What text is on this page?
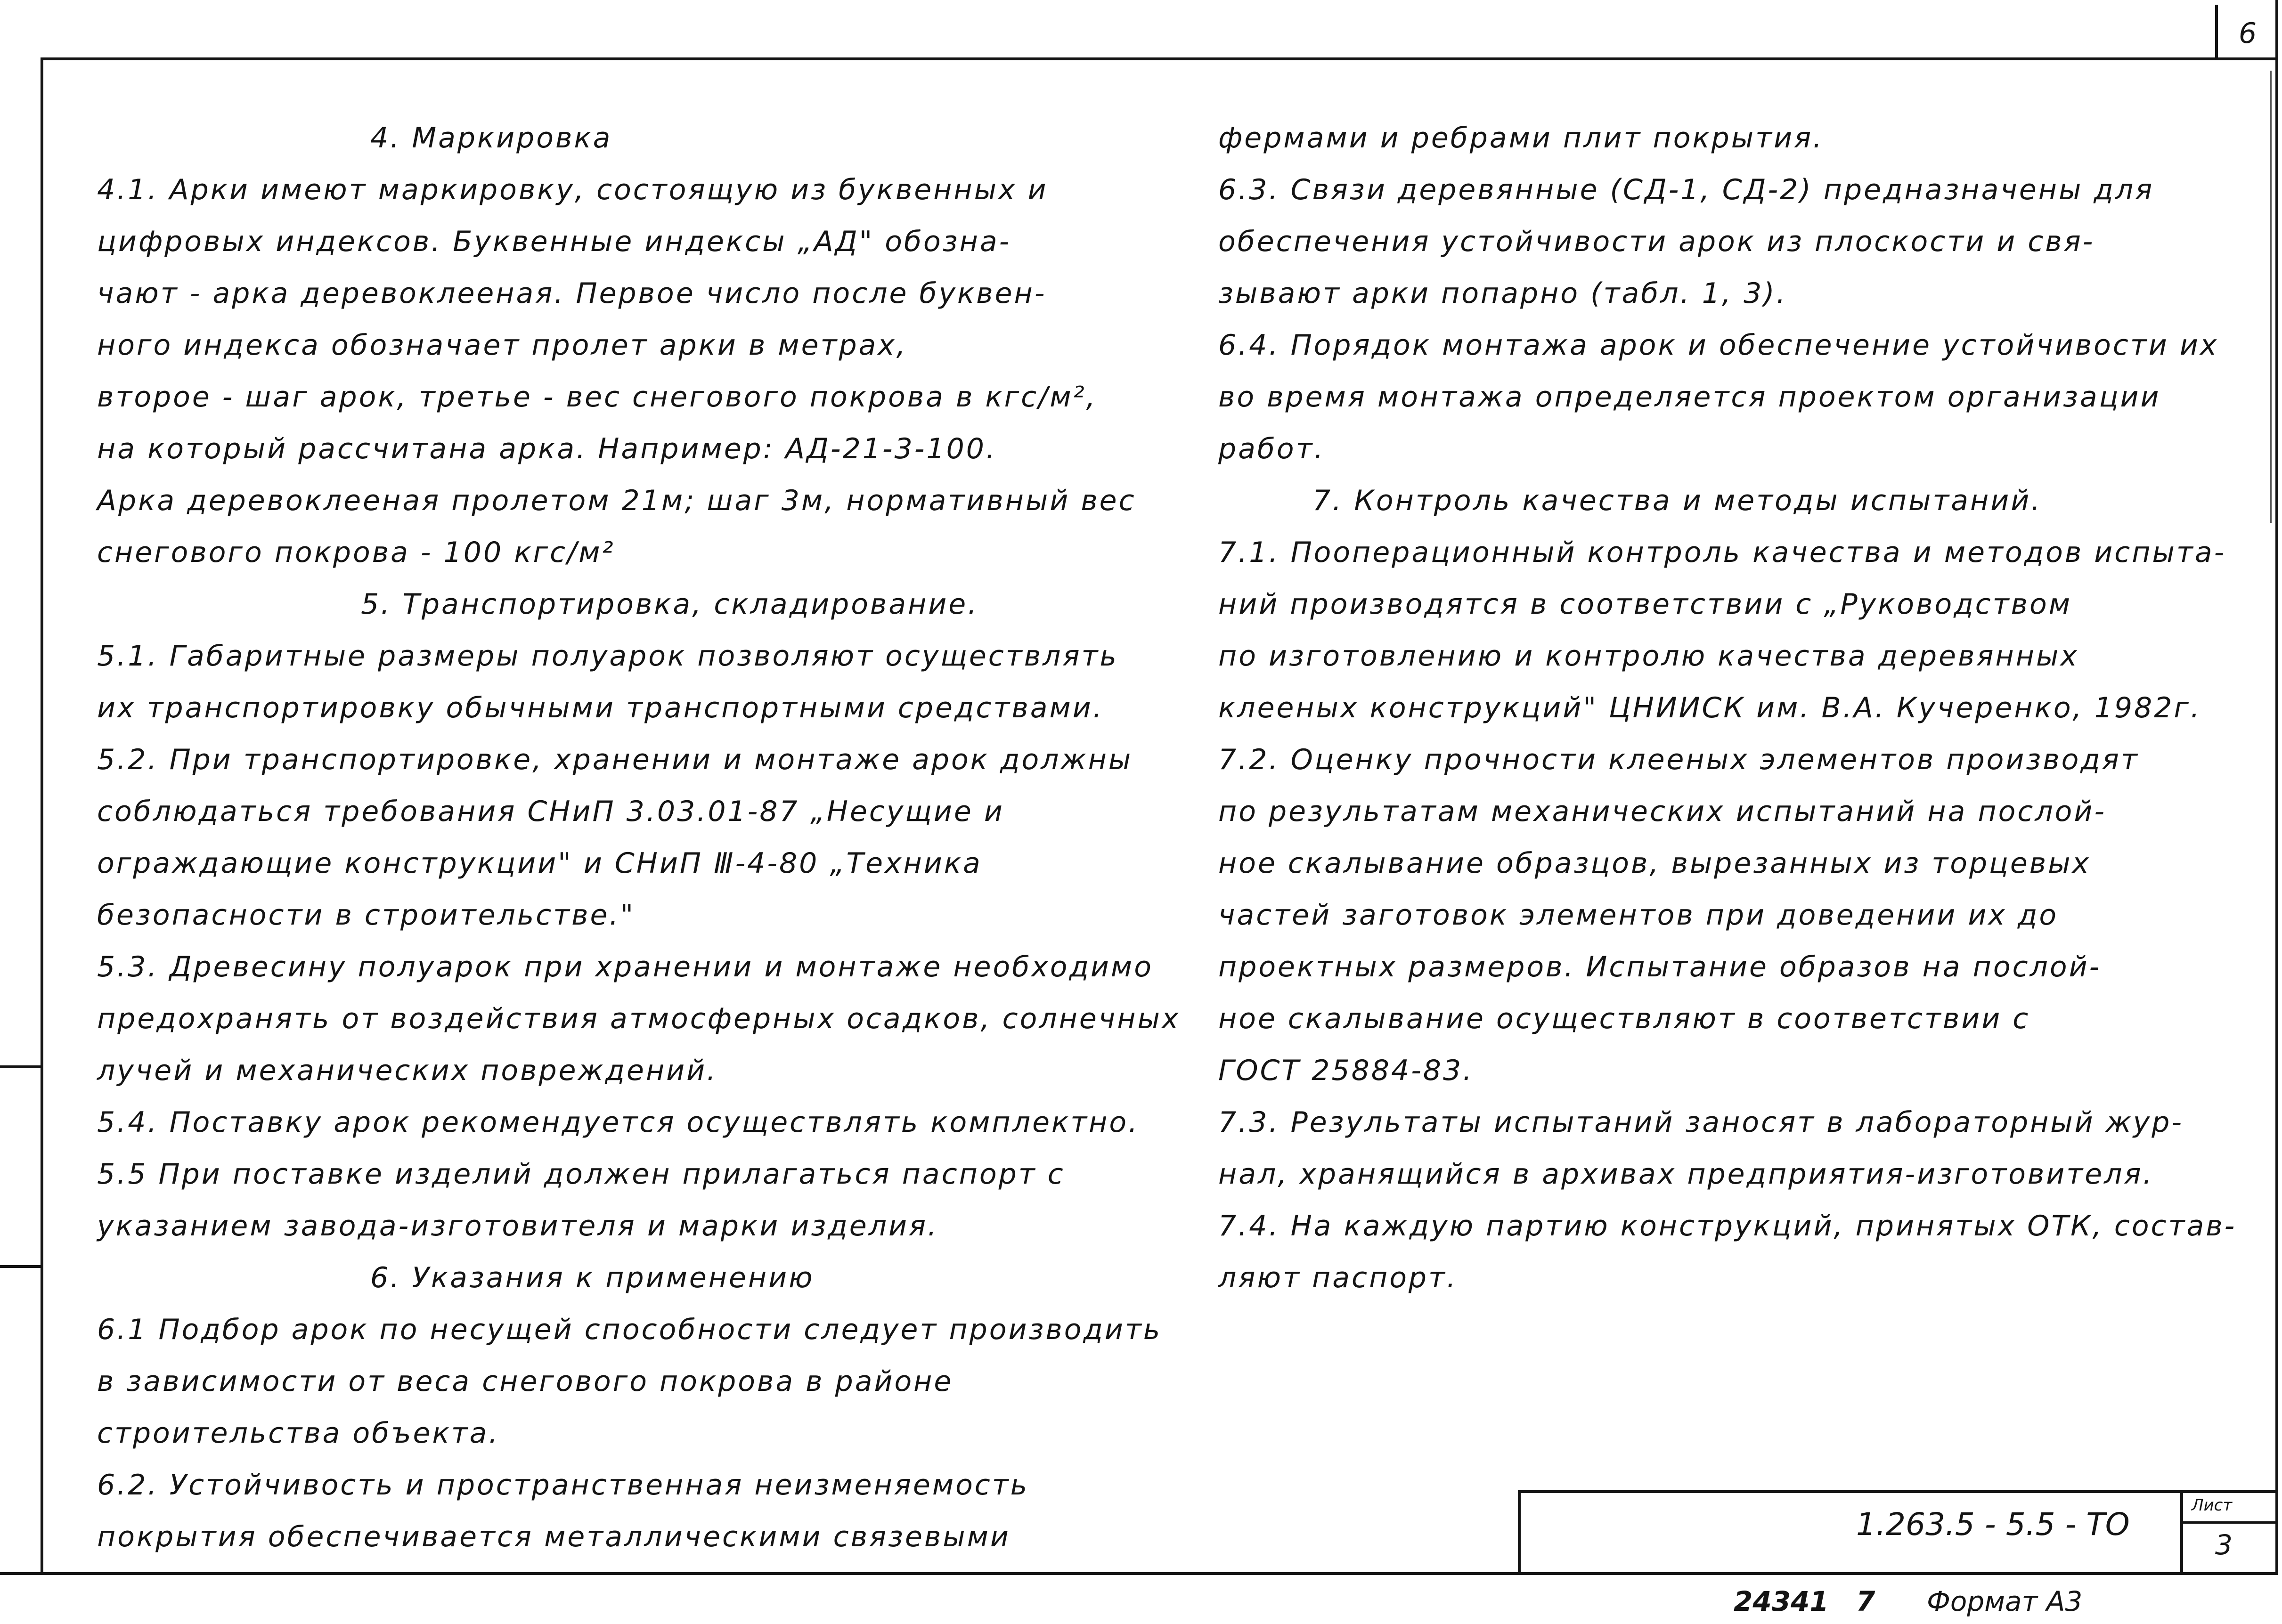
6
4. Маркировка
4.1. Арки имеют маркировку, состоящую из буквенных и
цифровых индексов. Буквенные индексы „АД" обозна-
чают - арка деревоклееная. Первое число после буквен-
ного индекса обозначает пролет арки в метрах,
второе - шаг арок, третье - вес снегового покрова в кгс/м²,
на который рассчитана арка. Например: АД-21-3-100.
Арка деревоклееная пролетом 21м; шаг 3м, нормативный вес
снегового покрова - 100 кгс/м²
5. Транспортировка, складирование.
5.1. Габаритные размеры полуарок позволяют осуществлять
их транспортировку обычными транспортными средствами.
5.2. При транспортировке, хранении и монтаже арок должны
соблюдаться требования СНиП 3.03.01-87 „Несущие и
ограждающие конструкции" и СНиП Ⅲ-4-80 „Техника
безопасности в строительстве."
5.3. Древесину полуарок при хранении и монтаже необходимо
предохранять от воздействия атмосферных осадков, солнечных
лучей и механических повреждений.
5.4. Поставку арок рекомендуется осуществлять комплектно.
5.5 При поставке изделий должен прилагаться паспорт с
указанием завода-изготовителя и марки изделия.
6. Указания к применению
6.1 Подбор арок по несущей способности следует производить
в зависимости от веса снегового покрова в районе
строительства объекта.
6.2. Устойчивость и пространственная неизменяемость
покрытия обеспечивается металлическими связевыми
фермами и ребрами плит покрытия.
6.3. Связи деревянные (СД-1, СД-2) предназначены для
обеспечения устойчивости арок из плоскости и свя-
зывают арки попарно (табл. 1, 3).
6.4. Порядок монтажа арок и обеспечение устойчивости их
во время монтажа определяется проектом организации
работ.
7. Контроль качества и методы испытаний.
7.1. Пооперационный контроль качества и методов испыта-
ний производятся в соответствии с „Руководством
по изготовлению и контролю качества деревянных
клееных конструкций" ЦНИИСК им. В.А. Кучеренко, 1982г.
7.2. Оценку прочности клееных элементов производят
по результатам механических испытаний на послой-
ное скалывание образцов, вырезанных из торцевых
частей заготовок элементов при доведении их до
проектных размеров. Испытание образов на послой-
ное скалывание осуществляют в соответствии с
ГОСТ 25884-83.
7.3. Результаты испытаний заносят в лабораторный жур-
нал, хранящийся в архивах предприятия-изготовителя.
7.4. На каждую партию конструкций, принятых ОТК, состав-
ляют паспорт.
1.263.5 - 5.5 - ТО
Лист
3
24341 7 Формат А3
